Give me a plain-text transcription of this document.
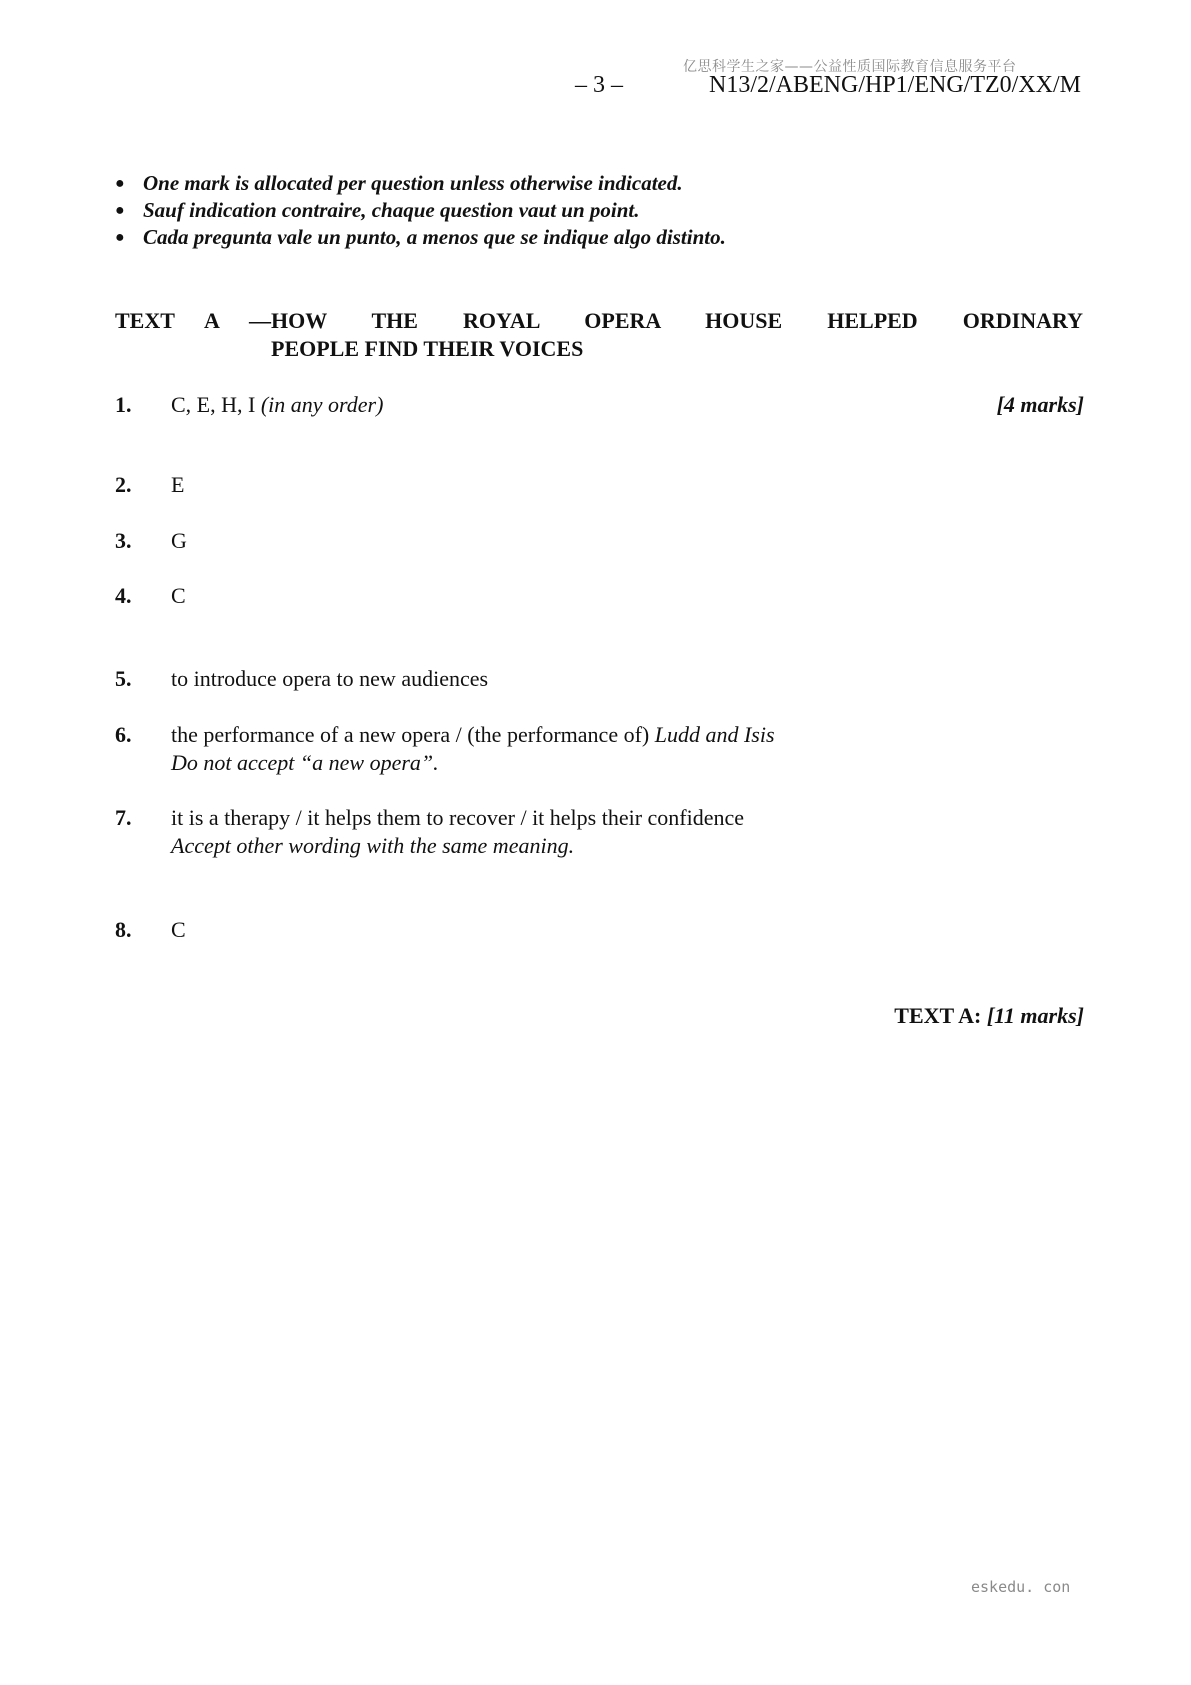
亿思科学生之家——公益性质国际教育信息服务平台
– 3 –	N13/2/ABENG/HP1/ENG/TZ0/XX/M
● One mark is allocated per question unless otherwise indicated.
● Sauf indication contraire, chaque question vaut un point.
● Cada pregunta vale un punto, a menos que se indique algo distinto.
TEXT A — HOW THE ROYAL OPERA HOUSE HELPED ORDINARY
PEOPLE FIND THEIR VOICES
1. C, E, H, I (in any order)	[4 marks]
2. E
3. G
4. C
5. to introduce opera to new audiences
6. the performance of a new opera / (the performance of) Ludd and Isis
Do not accept “a new opera”.
7. it is a therapy / it helps them to recover / it helps their confidence
Accept other wording with the same meaning.
8. C
TEXT A: [11 marks]
eskedu. con
